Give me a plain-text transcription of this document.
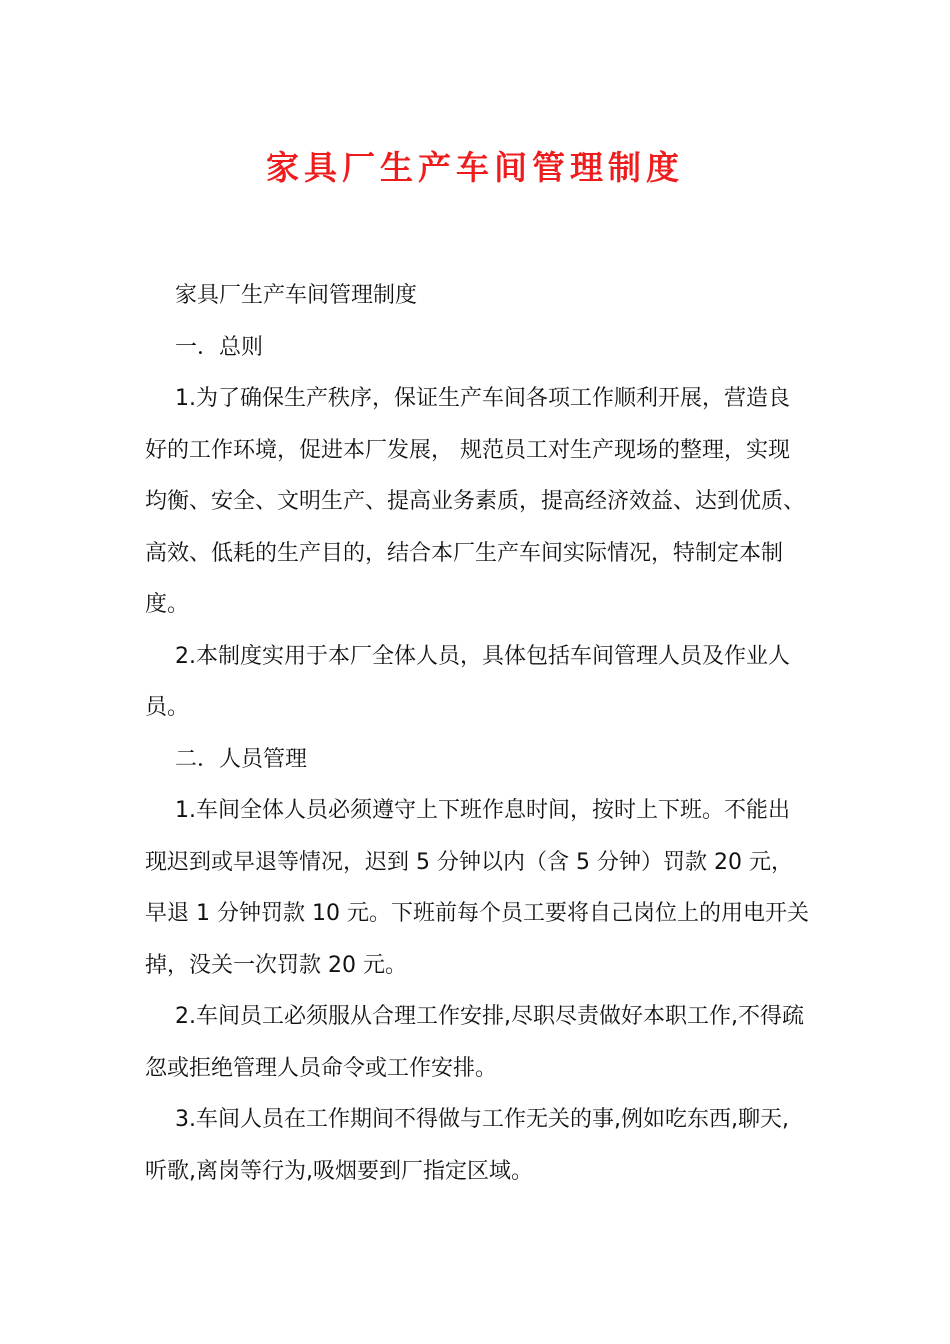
家具厂生产车间管理制度

家具厂生产车间管理制度

一．总则

1.为了确保生产秩序，保证生产车间各项工作顺利开展，营造良好的工作环境，促进本厂发展， 规范员工对生产现场的整理，实现均衡、安全、文明生产、提高业务素质，提高经济效益、达到优质、高效、低耗的生产目的，结合本厂生产车间实际情况，特制定本制度。

2.本制度实用于本厂全体人员，具体包括车间管理人员及作业人员。

二．人员管理

1.车间全体人员必须遵守上下班作息时间，按时上下班。不能出现迟到或早退等情况，迟到 5 分钟以内（含 5 分钟）罚款 20 元，早退 1 分钟罚款 10 元。下班前每个员工要将自己岗位上的用电开关掉，没关一次罚款 20 元。

2.车间员工必须服从合理工作安排,尽职尽责做好本职工作,不得疏忽或拒绝管理人员命令或工作安排。

3.车间人员在工作期间不得做与工作无关的事,例如吃东西,聊天,听歌,离岗等行为,吸烟要到厂指定区域。
